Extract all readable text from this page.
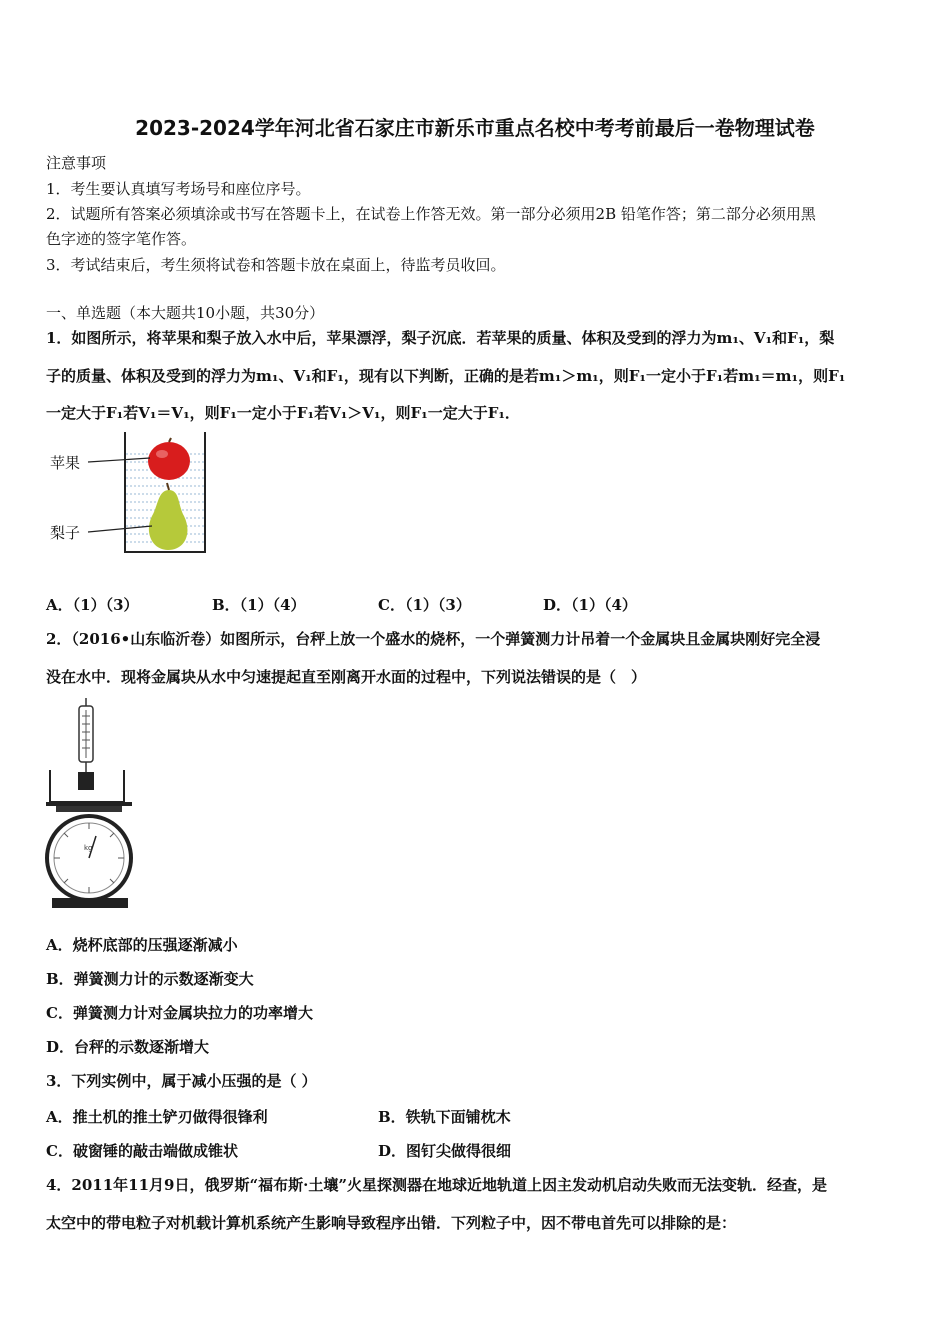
2023-2024学年河北省石家庄市新乐市重点名校中考考前最后一卷物理试卷
注意事项
1．考生要认真填写考场号和座位序号。
2．试题所有答案必须填涂或书写在答题卡上，在试卷上作答无效。第一部分必须用2B 铅笔作答；第二部分必须用黑
色字迹的签字笔作答。
3．考试结束后，考生须将试卷和答题卡放在桌面上，待监考员收回。
一、单选题（本大题共10小题，共30分）
1．如图所示，将苹果和梨子放入水中后，苹果漂浮，梨子沉底．若苹果的质量、体积及受到的浮力为m₁、V₁和F₁，梨
子的质量、体积及受到的浮力为m₁、V₁和F₁，现有以下判断，正确的是若m₁＞m₁，则F₁一定小于F₁若m₁＝m₁，则F₁
一定大于F₁若V₁＝V₁，则F₁一定小于F₁若V₁＞V₁，则F₁一定大于F₁．
苹果
梨子
A．（1）（3）	B．（1）（4）	C．（1）（3）	D．（1）（4）
2．（2016•山东临沂卷）如图所示，台秤上放一个盛水的烧杯，一个弹簧测力计吊着一个金属块且金属块刚好完全浸
没在水中．现将金属块从水中匀速提起直至刚离开水面的过程中，下列说法错误的是（　）
kg
A．烧杯底部的压强逐渐减小
B．弹簧测力计的示数逐渐变大
C．弹簧测力计对金属块拉力的功率增大
D．台秤的示数逐渐增大
3．下列实例中，属于减小压强的是（ ）
A．推土机的推土铲刃做得很锋利	B．铁轨下面铺枕木
C．破窗锤的敲击端做成锥状	D．图钉尖做得很细
4．2011年11月9日，俄罗斯“福布斯·土壤”火星探测器在地球近地轨道上因主发动机启动失败而无法变轨．经查，是
太空中的带电粒子对机载计算机系统产生影响导致程序出错．下列粒子中，因不带电首先可以排除的是：
